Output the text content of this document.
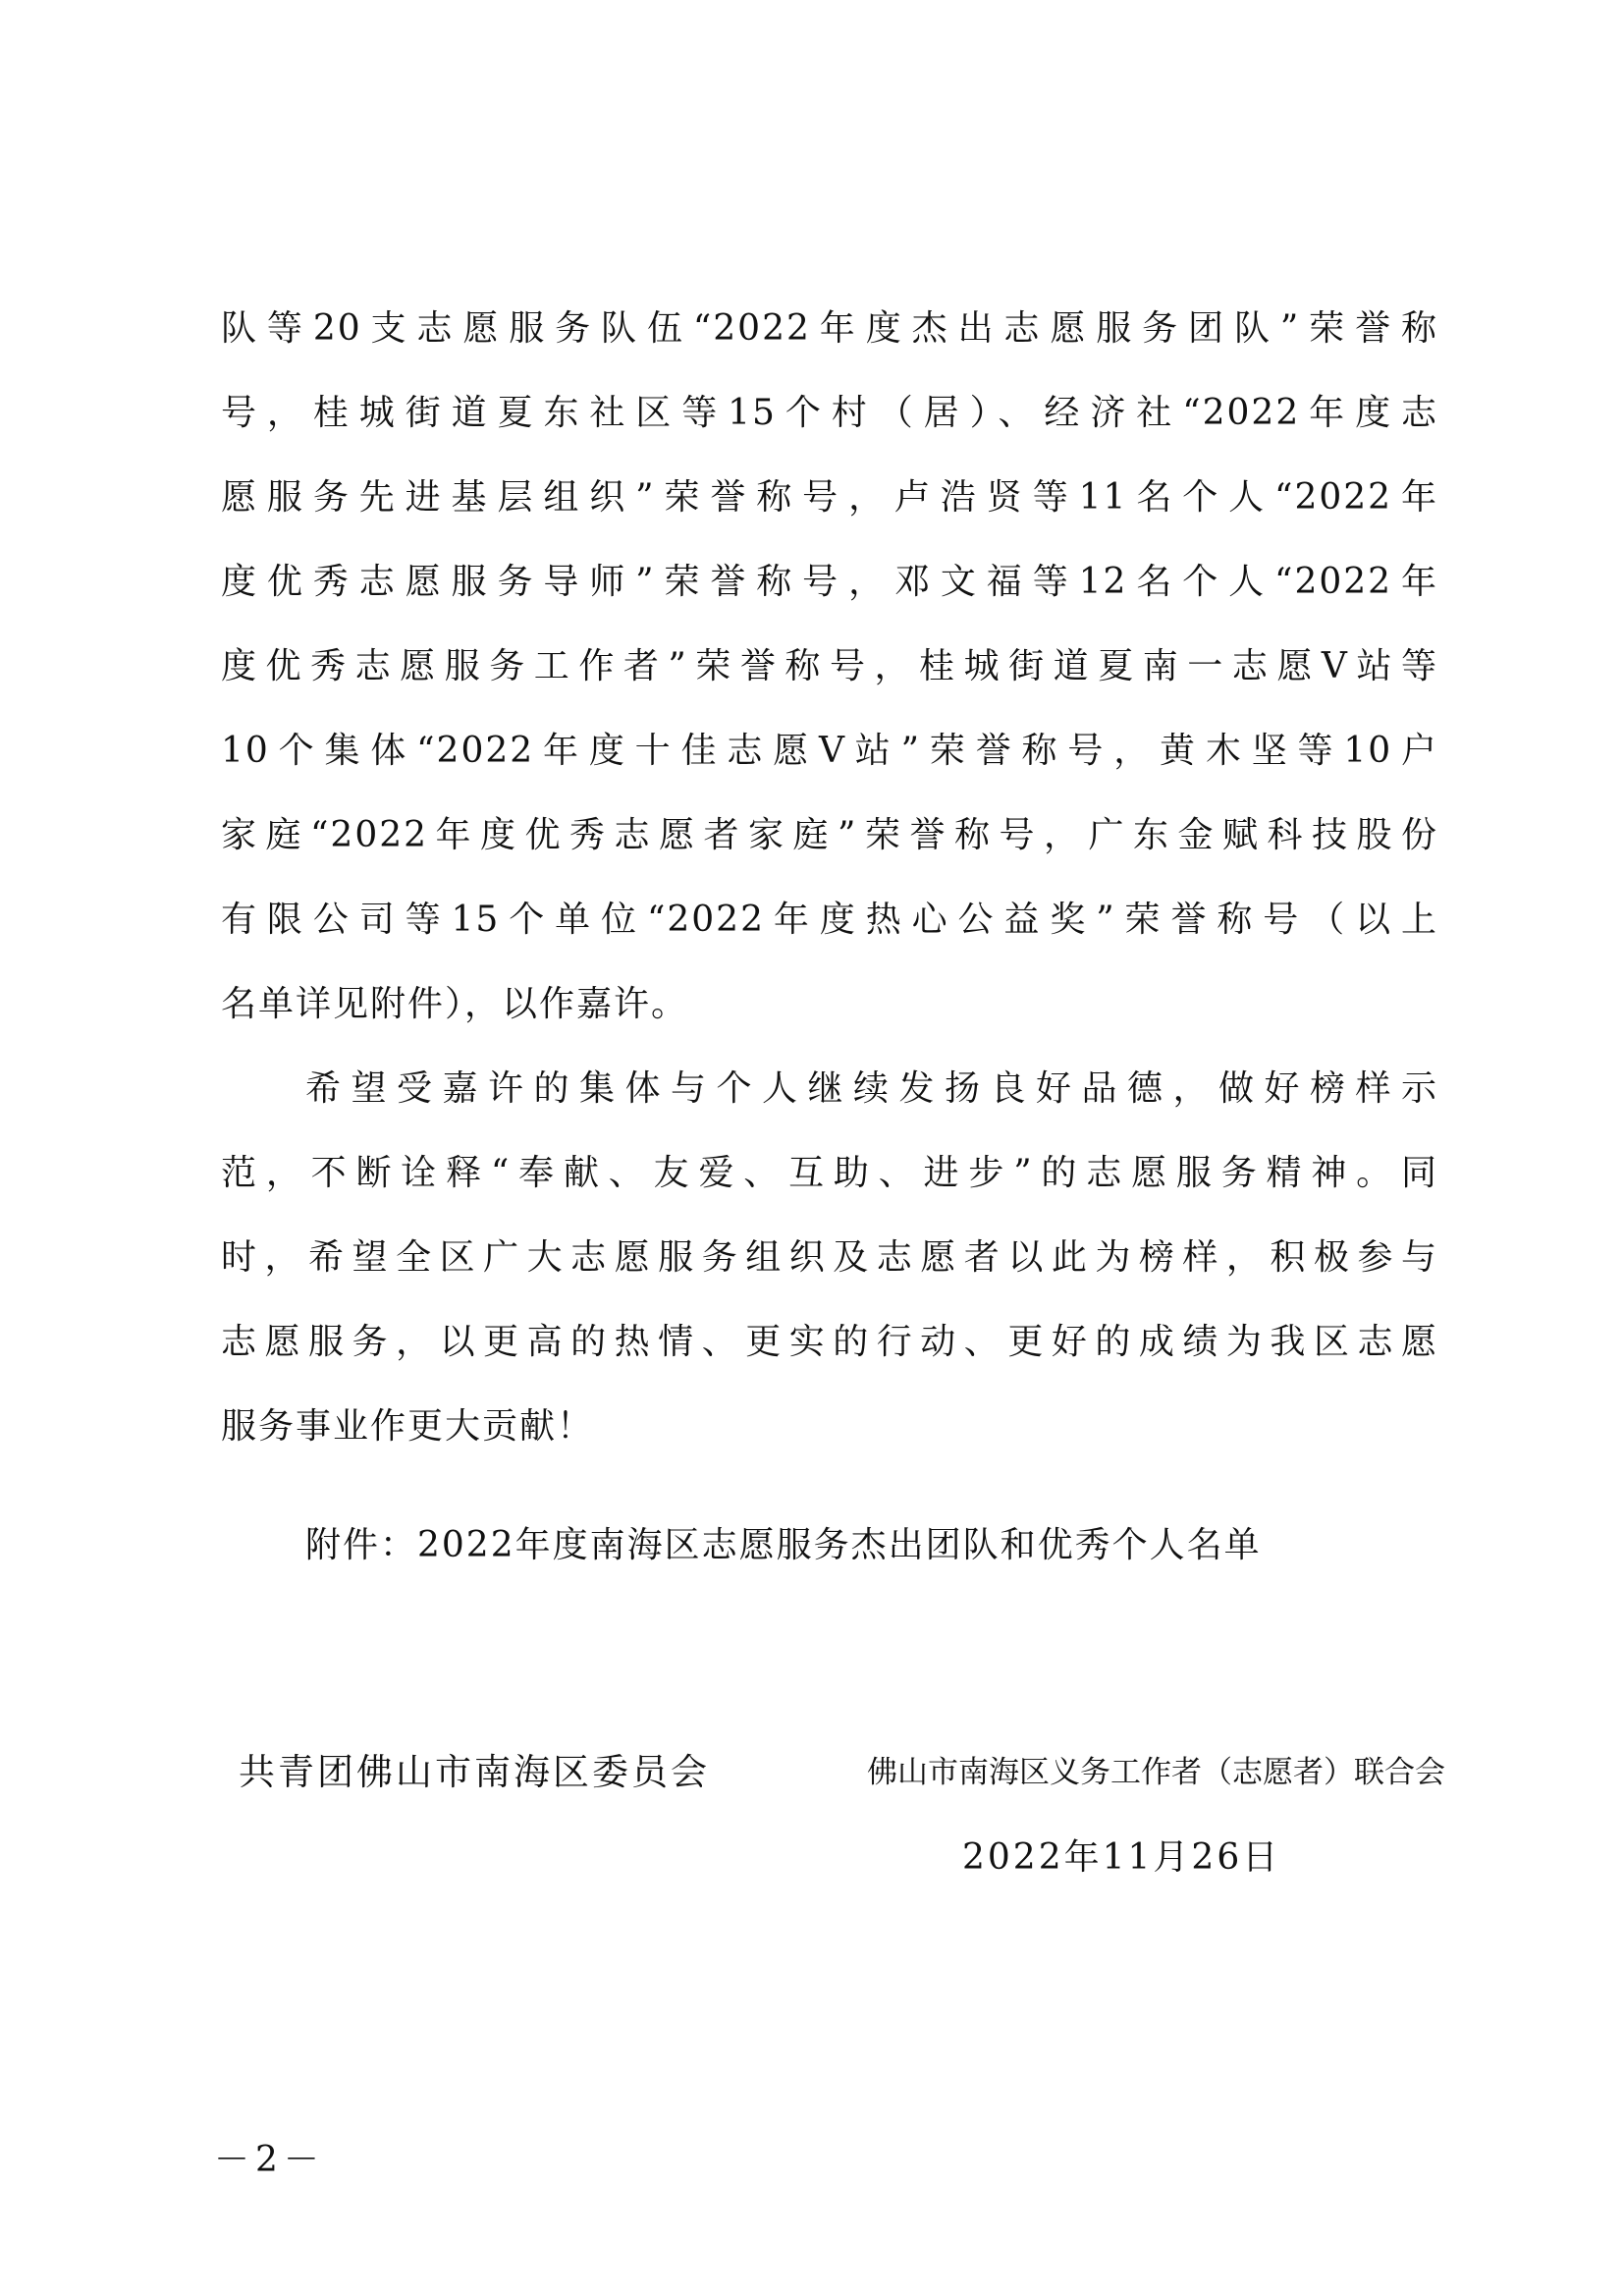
队等20支志愿服务队伍“2022年度杰出志愿服务团队”荣誉称
号，桂城街道夏东社区等15个村（居）、经济社“2022年度志
愿服务先进基层组织”荣誉称号，卢浩贤等11名个人“2022年
度优秀志愿服务导师”荣誉称号，邓文福等12名个人“2022年
度优秀志愿服务工作者”荣誉称号，桂城街道夏南一志愿V站等
10个集体“2022年度十佳志愿V站”荣誉称号，黄木坚等10户
家庭“2022年度优秀志愿者家庭”荣誉称号，广东金赋科技股份
有限公司等15个单位“2022年度热心公益奖”荣誉称号（以上
名单详见附件），以作嘉许。
希望受嘉许的集体与个人继续发扬良好品德，做好榜样示
范，不断诠释“奉献、友爱、互助、进步”的志愿服务精神。同
时，希望全区广大志愿服务组织及志愿者以此为榜样，积极参与
志愿服务，以更高的热情、更实的行动、更好的成绩为我区志愿
服务事业作更大贡献！
附件：2022年度南海区志愿服务杰出团队和优秀个人名单
共青团佛山市南海区委员会	佛山市南海区义务工作者（志愿者）联合会
2022年11月26日
－2－
